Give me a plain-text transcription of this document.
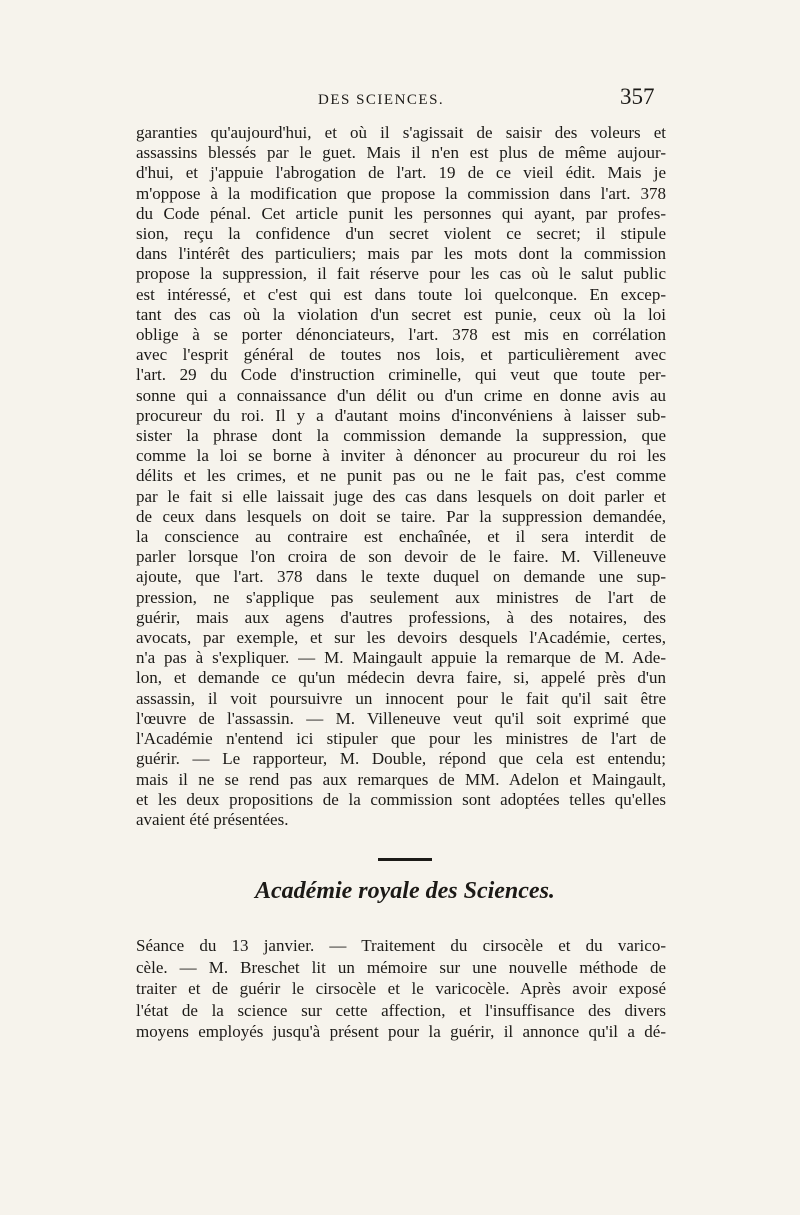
DES SCIENCES.	357
garanties qu'aujourd'hui, et où il s'agissait de saisir des voleurs et
assassins blessés par le guet. Mais il n'en est plus de même aujour-
d'hui, et j'appuie l'abrogation de l'art. 19 de ce vieil édit. Mais je
m'oppose à la modification que propose la commission dans l'art. 378
du Code pénal. Cet article punit les personnes qui ayant, par profes-
sion, reçu la confidence d'un secret violent ce secret; il stipule
dans l'intérêt des particuliers; mais par les mots dont la commission
propose la suppression, il fait réserve pour les cas où le salut public
est intéressé, et c'est qui est dans toute loi quelconque. En excep-
tant des cas où la violation d'un secret est punie, ceux où la loi
oblige à se porter dénonciateurs, l'art. 378 est mis en corrélation
avec l'esprit général de toutes nos lois, et particulièrement avec
l'art. 29 du Code d'instruction criminelle, qui veut que toute per-
sonne qui a connaissance d'un délit ou d'un crime en donne avis au
procureur du roi. Il y a d'autant moins d'inconvéniens à laisser sub-
sister la phrase dont la commission demande la suppression, que
comme la loi se borne à inviter à dénoncer au procureur du roi les
délits et les crimes, et ne punit pas ou ne le fait pas, c'est comme
par le fait si elle laissait juge des cas dans lesquels on doit parler et
de ceux dans lesquels on doit se taire. Par la suppression demandée,
la conscience au contraire est enchaînée, et il sera interdit de
parler lorsque l'on croira de son devoir de le faire. M. Villeneuve
ajoute, que l'art. 378 dans le texte duquel on demande une sup-
pression, ne s'applique pas seulement aux ministres de l'art de
guérir, mais aux agens d'autres professions, à des notaires, des
avocats, par exemple, et sur les devoirs desquels l'Académie, certes,
n'a pas à s'expliquer. — M. Maingault appuie la remarque de M. Ade-
lon, et demande ce qu'un médecin devra faire, si, appelé près d'un
assassin, il voit poursuivre un innocent pour le fait qu'il sait être
l'œuvre de l'assassin. — M. Villeneuve veut qu'il soit exprimé que
l'Académie n'entend ici stipuler que pour les ministres de l'art de
guérir. — Le rapporteur, M. Double, répond que cela est entendu;
mais il ne se rend pas aux remarques de MM. Adelon et Maingault,
et les deux propositions de la commission sont adoptées telles qu'elles
avaient été présentées.
Académie royale des Sciences.
Séance du 13 janvier. — Traitement du cirsocèle et du varico-
cèle. — M. Breschet lit un mémoire sur une nouvelle méthode de
traiter et de guérir le cirsocèle et le varicocèle. Après avoir exposé
l'état de la science sur cette affection, et l'insuffisance des divers
moyens employés jusqu'à présent pour la guérir, il annonce qu'il a dé-
